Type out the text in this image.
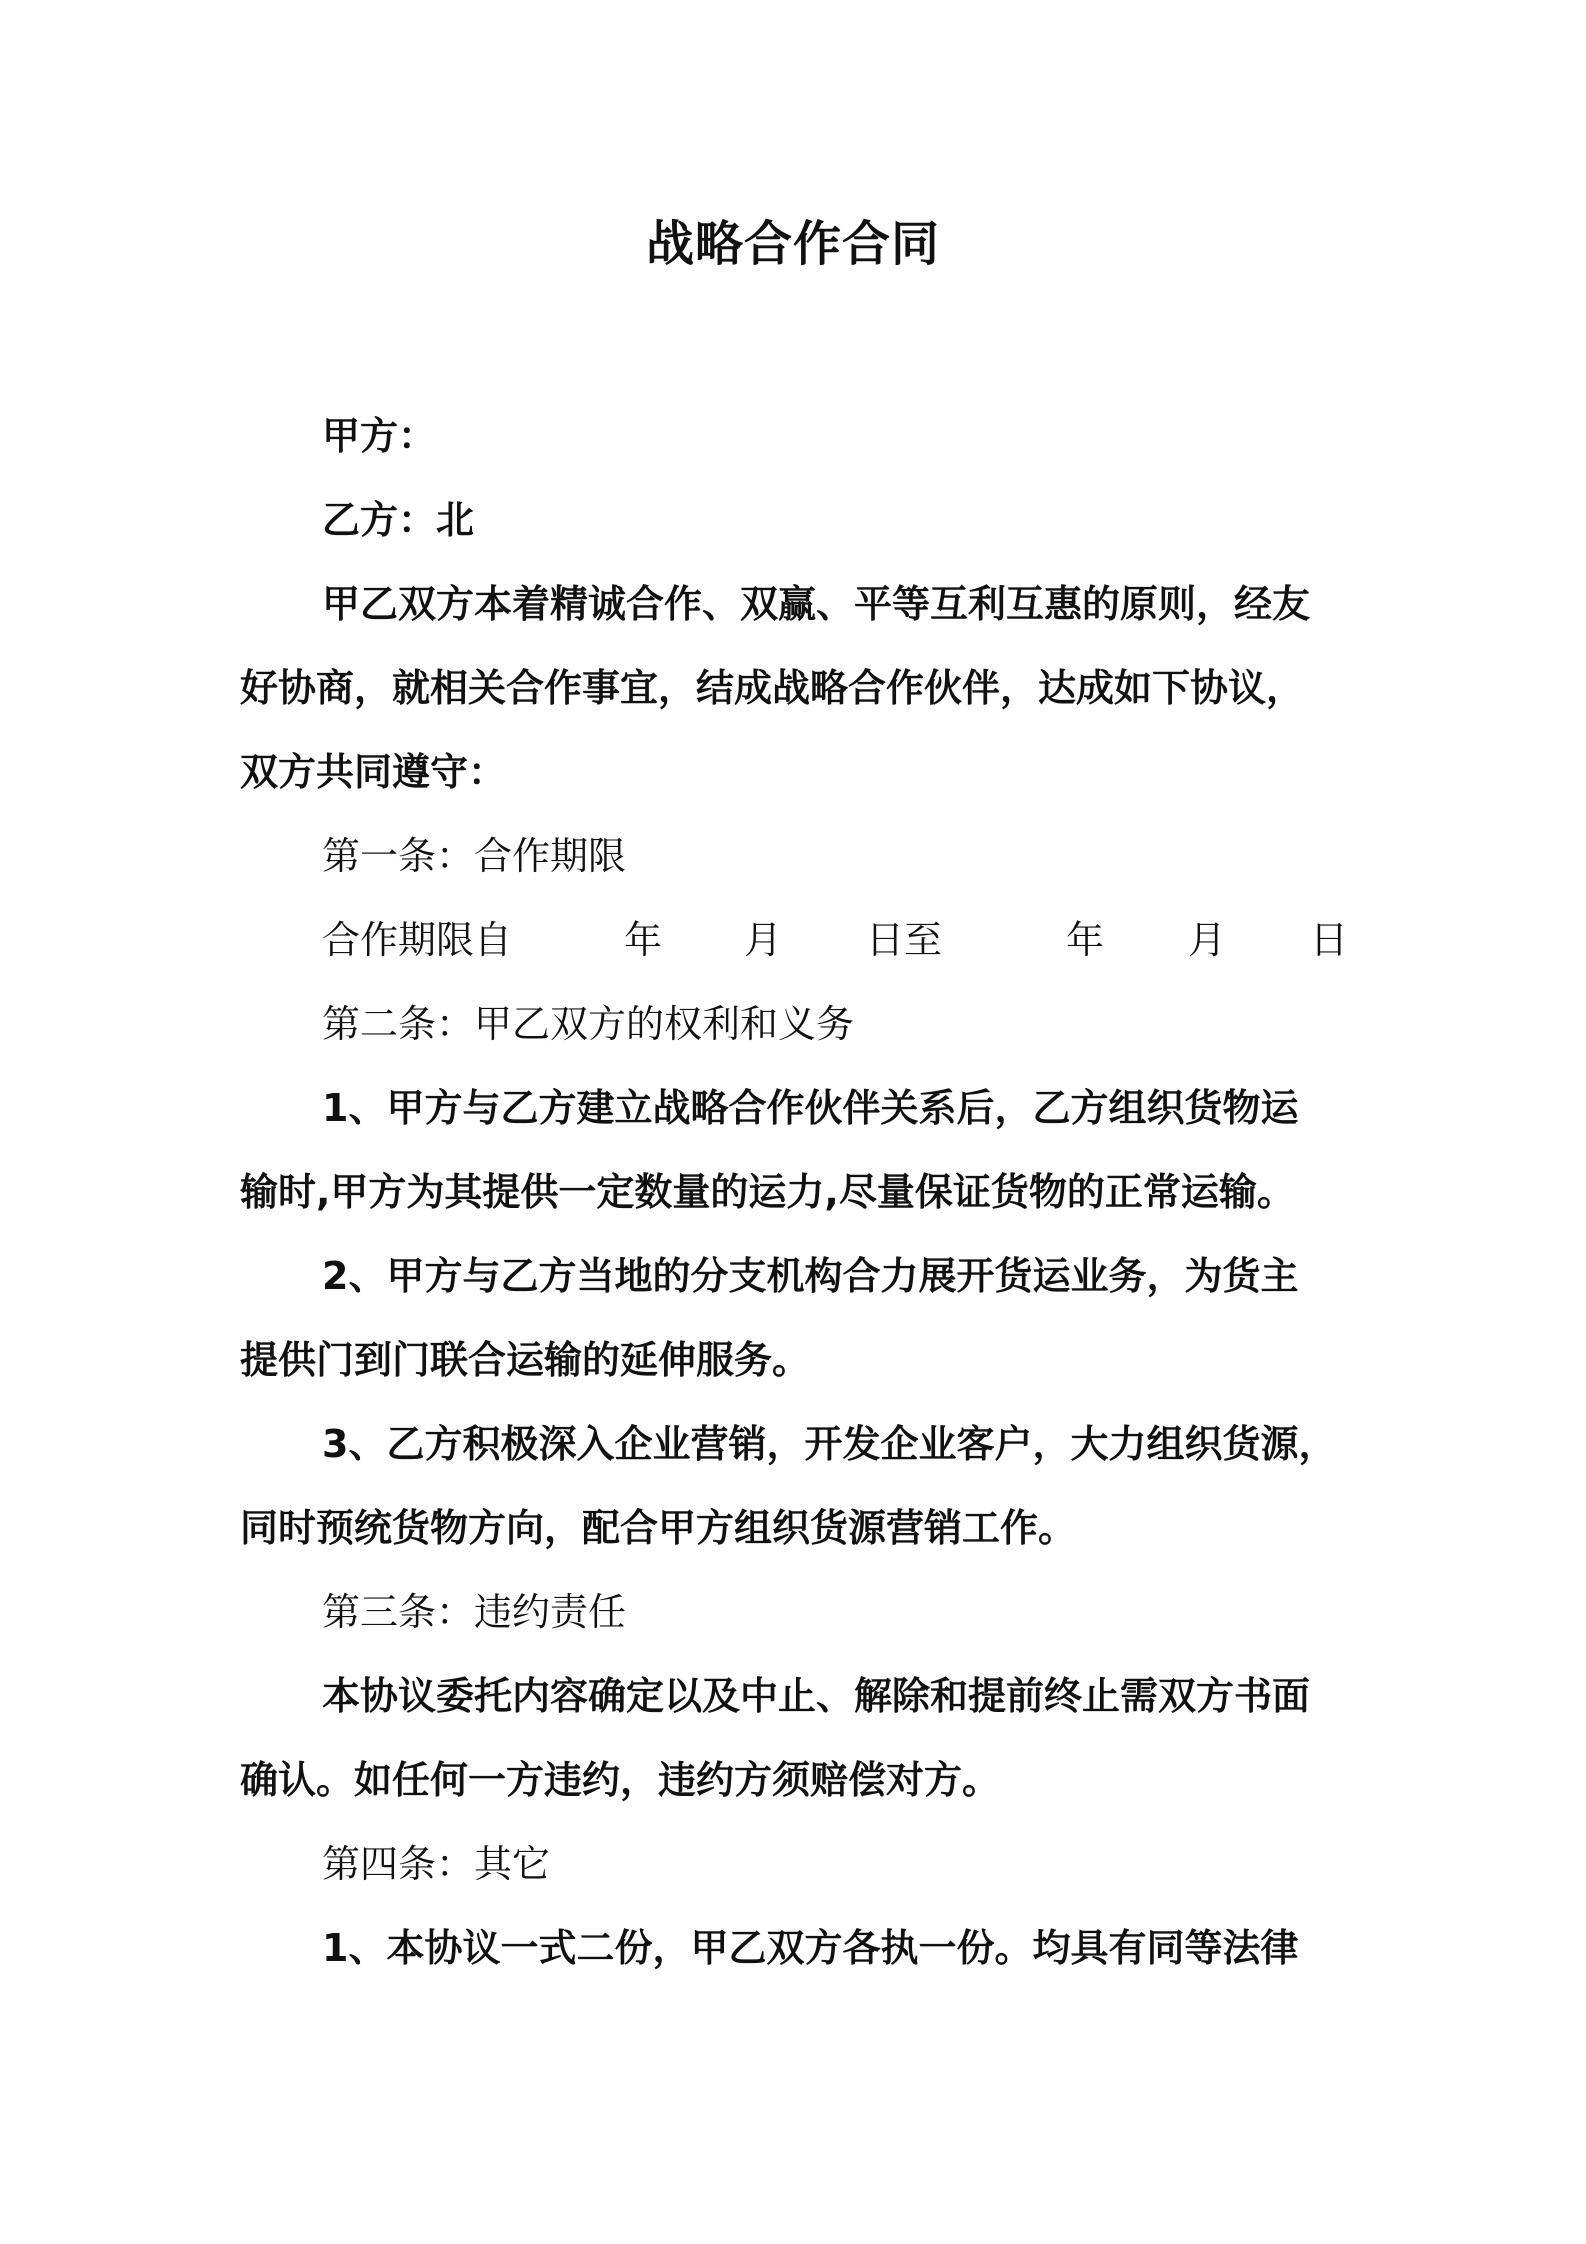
战略合作合同

甲方：

乙方：北

甲乙双方本着精诚合作、双赢、平等互利互惠的原则，经友

好协商，就相关合作事宜，结成战略合作伙伴，达成如下协议，

双方共同遵守：

第一条：合作期限

合作期限自	年 月 日至	年 月 日

第二条：甲乙双方的权利和义务

1、甲方与乙方建立战略合作伙伴关系后，乙方组织货物运

输时,甲方为其提供一定数量的运力,尽量保证货物的正常运输。

2、甲方与乙方当地的分支机构合力展开货运业务，为货主

提供门到门联合运输的延伸服务。

3、乙方积极深入企业营销，开发企业客户，大力组织货源，

同时预统货物方向，配合甲方组织货源营销工作。

第三条：违约责任

本协议委托内容确定以及中止、解除和提前终止需双方书面

确认。如任何一方违约，违约方须赔偿对方。

第四条：其它

1、本协议一式二份，甲乙双方各执一份。均具有同等法律
